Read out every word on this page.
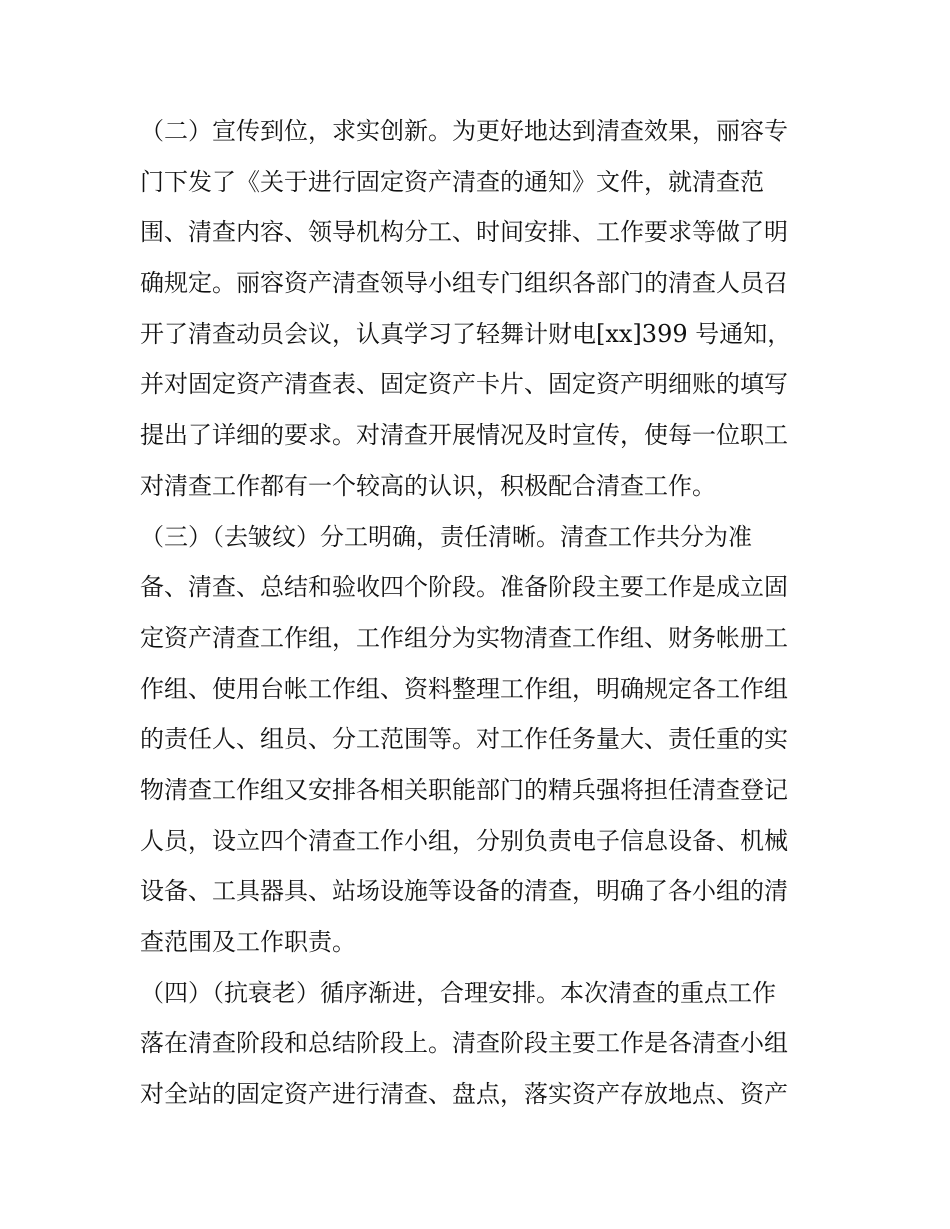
（二）宣传到位，求实创新。为更好地达到清查效果，丽容专
门下发了《关于进行固定资产清查的通知》文件，就清查范
围、清查内容、领导机构分工、时间安排、工作要求等做了明
确规定。丽容资产清查领导小组专门组织各部门的清查人员召
开了清查动员会议，认真学习了轻舞计财电[xx]399 号通知，
并对固定资产清查表、固定资产卡片、固定资产明细账的填写
提出了详细的要求。对清查开展情况及时宣传，使每一位职工
对清查工作都有一个较高的认识，积极配合清查工作。
（三）（去皱纹）分工明确，责任清晰。清查工作共分为准
备、清查、总结和验收四个阶段。准备阶段主要工作是成立固
定资产清查工作组，工作组分为实物清查工作组、财务帐册工
作组、使用台帐工作组、资料整理工作组，明确规定各工作组
的责任人、组员、分工范围等。对工作任务量大、责任重的实
物清查工作组又安排各相关职能部门的精兵强将担任清查登记
人员，设立四个清查工作小组，分别负责电子信息设备、机械
设备、工具器具、站场设施等设备的清查，明确了各小组的清
查范围及工作职责。
（四）（抗衰老）循序渐进，合理安排。本次清查的重点工作
落在清查阶段和总结阶段上。清查阶段主要工作是各清查小组
对全站的固定资产进行清查、盘点，落实资产存放地点、资产
